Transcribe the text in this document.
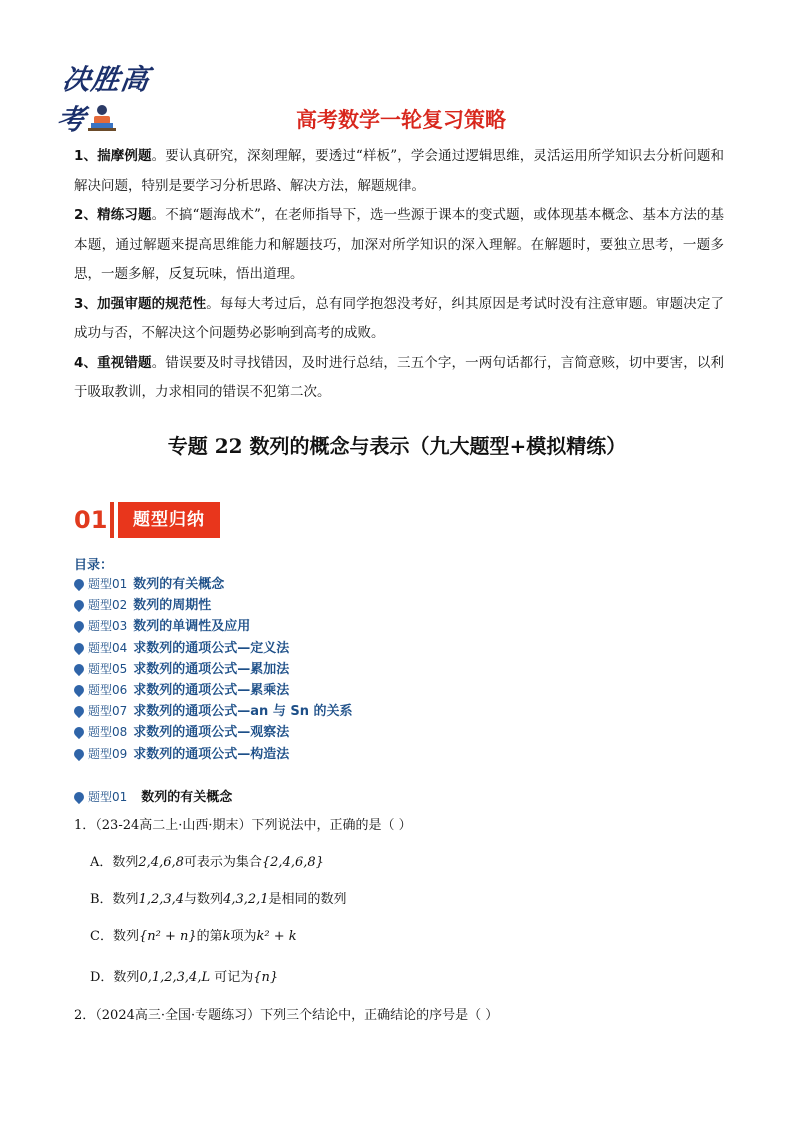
决胜高考	高考数学一轮复习策略

1、揣摩例题。要认真研究，深刻理解，要透过“样板”，学会通过逻辑思维，灵活运用所学知识去分析问题和解决问题，特别是要学习分析思路、解决方法，解题规律。

2、精练习题。不搞“题海战术”，在老师指导下，选一些源于课本的变式题，或体现基本概念、基本方法的基本题，通过解题来提高思维能力和解题技巧，加深对所学知识的深入理解。在解题时，要独立思考，一题多思，一题多解，反复玩味，悟出道理。

3、加强审题的规范性。每每大考过后，总有同学抱怨没考好，纠其原因是考试时没有注意审题。审题决定了成功与否，不解决这个问题势必影响到高考的成败。

4、重视错题。错误要及时寻找错因，及时进行总结，三五个字，一两句话都行，言简意赅，切中要害，以利于吸取教训，力求相同的错误不犯第二次。

专题 22 数列的概念与表示（九大题型+模拟精练）
01	题型归纳
目录：
题型01 数列的有关概念
题型02 数列的周期性
题型03 数列的单调性及应用
题型04 求数列的通项公式—定义法
题型05 求数列的通项公式—累加法
题型06 求数列的通项公式—累乘法
题型07 求数列的通项公式—an 与 Sn 的关系
题型08 求数列的通项公式—观察法
题型09 求数列的通项公式—构造法
题型01 数列的有关概念
1．（23-24高二上·山西·期末）下列说法中，正确的是（ ）
A．数列2,4,6,8可表示为集合{2,4,6,8}
B．数列1,2,3,4与数列4,3,2,1是相同的数列
C．数列{n² + n}的第k项为k² + k
D．数列0,1,2,3,4,L 可记为{n}
2．（2024高三·全国·专题练习）下列三个结论中，正确结论的序号是（ ）
